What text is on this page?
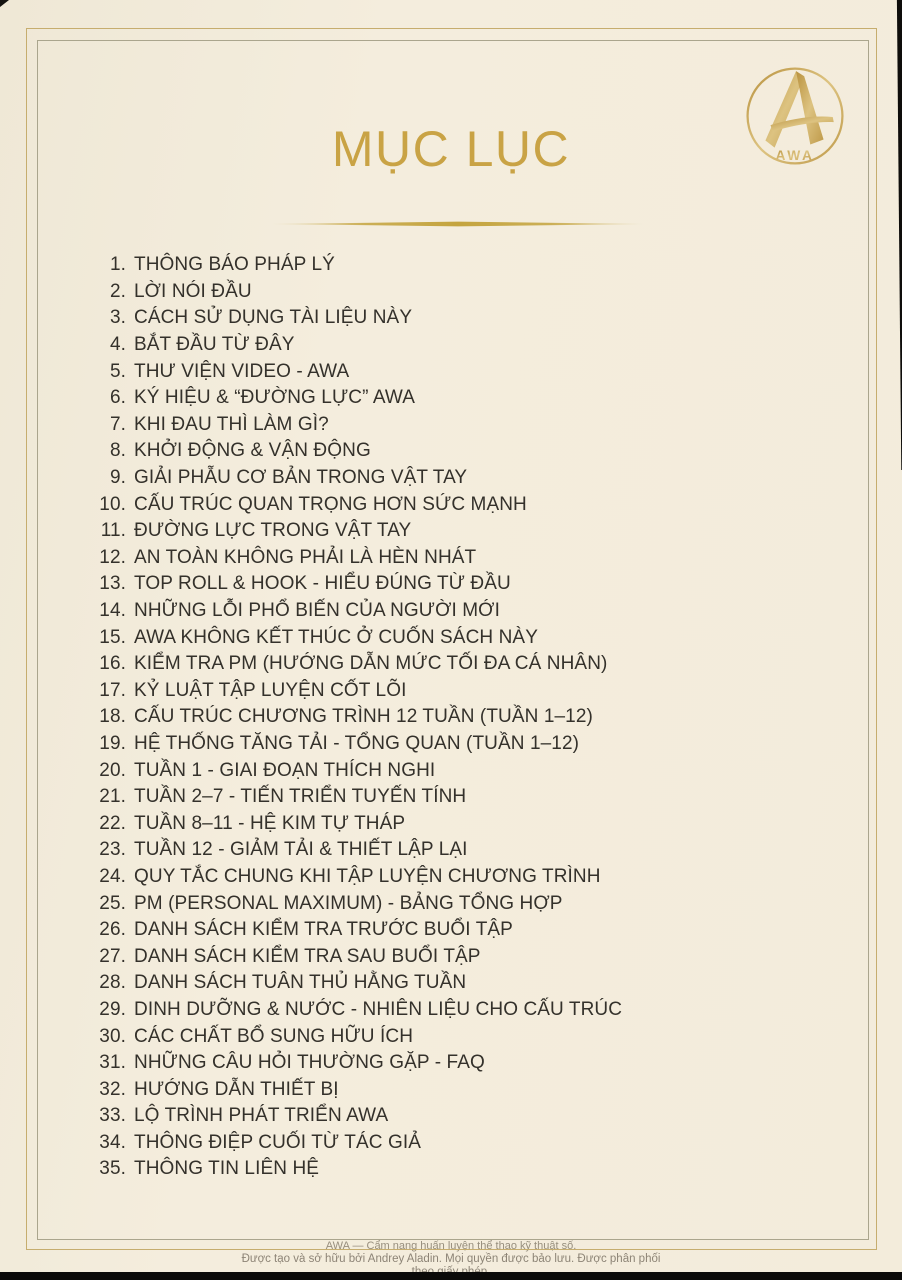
AWA
MỤC LỤC
1. THÔNG BÁO PHÁP LÝ
2. LỜI NÓI ĐẦU
3. CÁCH SỬ DỤNG TÀI LIỆU NÀY
4. BẮT ĐẦU TỪ ĐÂY
5. THƯ VIỆN VIDEO - AWA
6. KÝ HIỆU & “ĐƯỜNG LỰC” AWA
7. KHI ĐAU THÌ LÀM GÌ?
8. KHỞI ĐỘNG & VẬN ĐỘNG
9. GIẢI PHẪU CƠ BẢN TRONG VẬT TAY
10. CẤU TRÚC QUAN TRỌNG HƠN SỨC MẠNH
11. ĐƯỜNG LỰC TRONG VẬT TAY
12. AN TOÀN KHÔNG PHẢI LÀ HÈN NHÁT
13. TOP ROLL & HOOK - HIỂU ĐÚNG TỪ ĐẦU
14. NHỮNG LỖI PHỔ BIẾN CỦA NGƯỜI MỚI
15. AWA KHÔNG KẾT THÚC Ở CUỐN SÁCH NÀY
16. KIỂM TRA PM (HƯỚNG DẪN MỨC TỐI ĐA CÁ NHÂN)
17. KỶ LUẬT TẬP LUYỆN CỐT LÕI
18. CẤU TRÚC CHƯƠNG TRÌNH 12 TUẦN (TUẦN 1–12)
19. HỆ THỐNG TĂNG TẢI - TỔNG QUAN (TUẦN 1–12)
20. TUẦN 1 - GIAI ĐOẠN THÍCH NGHI
21. TUẦN 2–7 - TIẾN TRIỂN TUYẾN TÍNH
22. TUẦN 8–11 - HỆ KIM TỰ THÁP
23. TUẦN 12 - GIẢM TẢI & THIẾT LẬP LẠI
24. QUY TẮC CHUNG KHI TẬP LUYỆN CHƯƠNG TRÌNH
25. PM (PERSONAL MAXIMUM) - BẢNG TỔNG HỢP
26. DANH SÁCH KIỂM TRA TRƯỚC BUỔI TẬP
27. DANH SÁCH KIỂM TRA SAU BUỔI TẬP
28. DANH SÁCH TUÂN THỦ HẰNG TUẦN
29. DINH DƯỠNG & NƯỚC - NHIÊN LIỆU CHO CẤU TRÚC
30. CÁC CHẤT BỔ SUNG HỮU ÍCH
31. NHỮNG CÂU HỎI THƯỜNG GẶP - FAQ
32. HƯỚNG DẪN THIẾT BỊ
33. LỘ TRÌNH PHÁT TRIỂN AWA
34. THÔNG ĐIỆP CUỐI TỪ TÁC GIẢ
35. THÔNG TIN LIÊN HỆ
AWA — Cẩm nang huấn luyện thể thao kỹ thuật số.
Được tạo và sở hữu bởi Andrey Aladin. Mọi quyền được bảo lưu. Được phân phối
